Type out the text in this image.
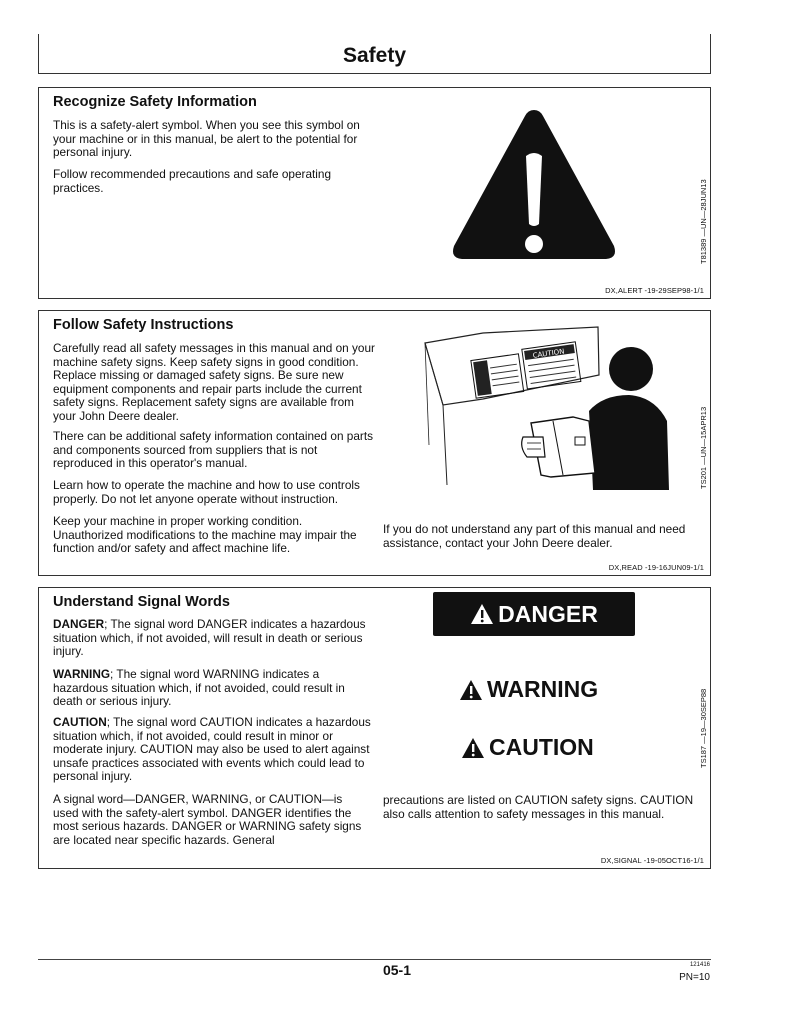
Safety
Recognize Safety Information
This is a safety-alert symbol. When you see this symbol on your machine or in this manual, be alert to the potential for personal injury.
Follow recommended precautions and safe operating practices.	T81389 —UN—28JUN13
DX,ALERT -19-29SEP98-1/1
Follow Safety Instructions
Carefully read all safety messages in this manual and on your machine safety signs. Keep safety signs in good condition. Replace missing or damaged safety signs. Be sure new equipment components and repair parts include the current safety signs. Replacement safety signs are available from your John Deere dealer.
There can be additional safety information contained on parts and components sourced from suppliers that is not reproduced in this operator's manual.
Learn how to operate the machine and how to use controls properly. Do not let anyone operate without instruction.
Keep your machine in proper working condition. Unauthorized modifications to the machine may impair the function and/or safety and affect machine life.
CAUTION
TS201 —UN—15APR13
If you do not understand any part of this manual and need assistance, contact your John Deere dealer.
DX,READ -19-16JUN09-1/1
Understand Signal Words
DANGER; The signal word DANGER indicates a hazardous situation which, if not avoided, will result in death or serious injury.
WARNING; The signal word WARNING indicates a hazardous situation which, if not avoided, could result in death or serious injury.
CAUTION; The signal word CAUTION indicates a hazardous situation which, if not avoided, could result in minor or moderate injury. CAUTION may also be used to alert against unsafe practices associated with events which could lead to personal injury.
A signal word—DANGER, WARNING, or CAUTION—is used with the safety-alert symbol. DANGER identifies the most serious hazards. DANGER or WARNING safety signs are located near specific hazards. General
DANGER
WARNING
CAUTION	TS187 —19—30SEP88
precautions are listed on CAUTION safety signs. CAUTION also calls attention to safety messages in this manual.
DX,SIGNAL -19-05OCT16-1/1
05-1	121416
PN=10
